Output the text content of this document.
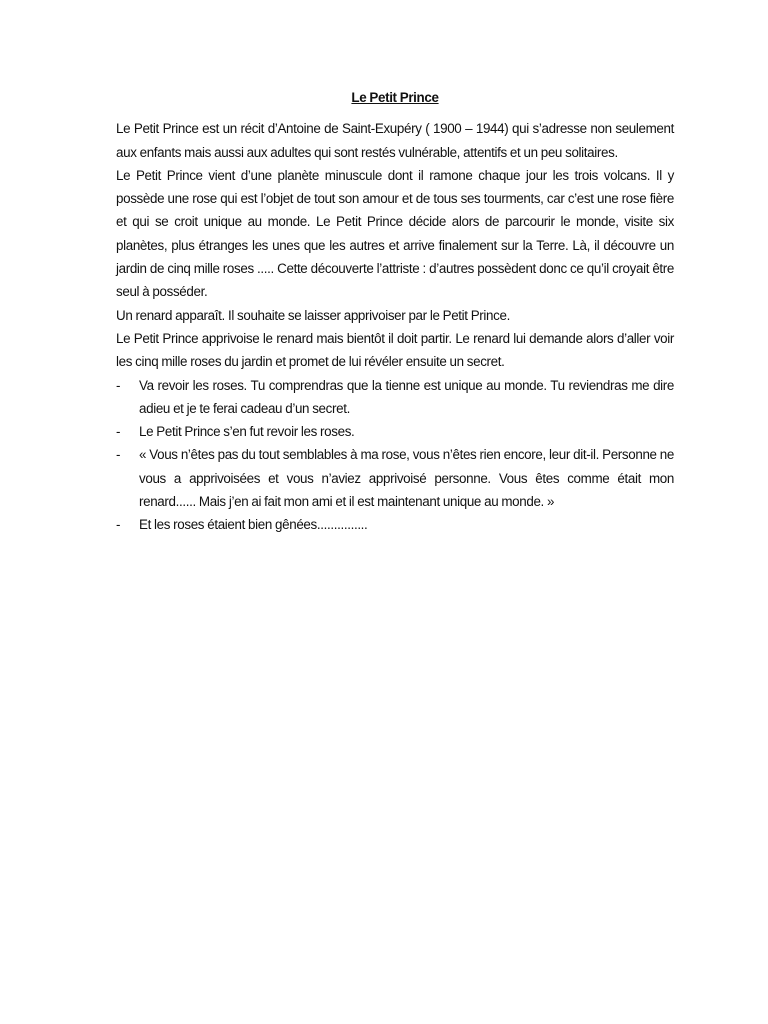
Le Petit Prince

Le Petit Prince est un récit d’Antoine de Saint-Exupéry ( 1900 – 1944) qui s’adresse non seulement aux enfants mais aussi aux adultes qui sont restés vulnérable, attentifs et un peu solitaires.

Le Petit Prince vient d’une planète minuscule dont il ramone chaque jour les trois volcans. Il y possède une rose qui est l’objet de tout son amour et de tous ses tourments, car c’est une rose fière et qui se croit unique au monde. Le Petit Prince décide alors de parcourir le monde, visite six planètes, plus étranges les unes que les autres et arrive finalement sur la Terre. Là, il découvre un jardin de cinq mille roses ..... Cette découverte l’attriste : d’autres possèdent donc ce qu’il croyait être seul à posséder.

Un renard apparaît. Il souhaite se laisser apprivoiser par le Petit Prince.

Le Petit Prince apprivoise le renard mais bientôt il doit partir. Le renard lui demande alors d’aller voir les cinq mille roses du jardin et promet de lui révéler ensuite un secret.

- Va revoir les roses. Tu comprendras que la tienne est unique au monde. Tu reviendras me dire adieu et je te ferai cadeau d’un secret.
- Le Petit Prince s’en fut revoir les roses.
- « Vous n’êtes pas du tout semblables à ma rose, vous n’êtes rien encore, leur dit-il. Personne ne vous a apprivoisées et vous n’aviez apprivoisé personne. Vous êtes comme était mon renard...... Mais j’en ai fait mon ami et il est maintenant unique au monde. »
- Et les roses étaient bien gênées...............
